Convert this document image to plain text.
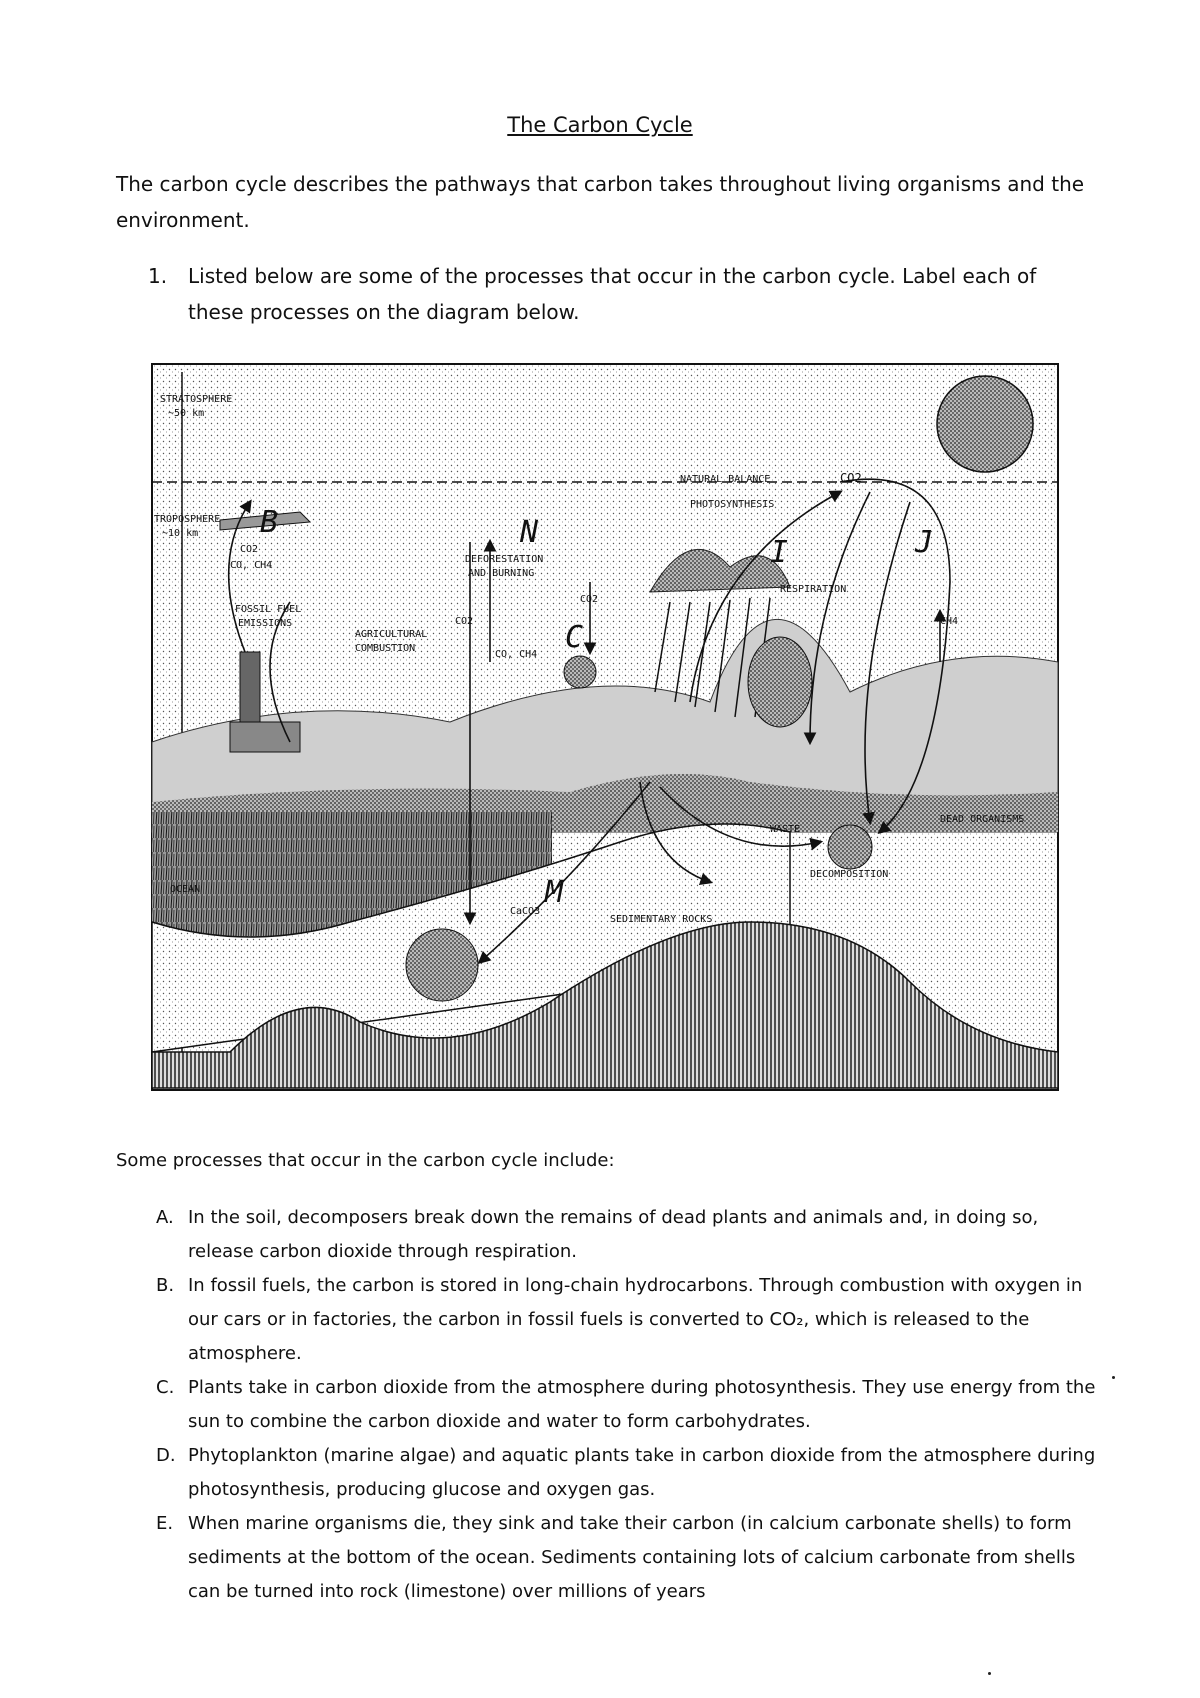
The Carbon Cycle
The carbon cycle describes the pathways that carbon takes throughout living organisms and the environment.
1. Listed below are some of the processes that occur in the carbon cycle. Label each of these processes on the diagram below.
STRATOSPHERE
~50 km
TROPOSPHERE
~10 km
NATURAL BALANCE
PHOTOSYNTHESIS
CO2
CO2
CO, CH4
FOSSIL FUEL
EMISSIONS
AGRICULTURAL
COMBUSTION
CO2
CO, CH4
DEFORESTATION
AND BURNING
CO2
RESPIRATION
CH4
DEAD ORGANISMS
WASTE
DECOMPOSITION
SEDIMENTARY ROCKS
OCEAN
CaCO3
B	N
C
I	J
M
Some processes that occur in the carbon cycle include:
A. In the soil, decomposers break down the remains of dead plants and animals and, in doing so, release carbon dioxide through respiration.
B. In fossil fuels, the carbon is stored in long-chain hydrocarbons. Through combustion with oxygen in our cars or in factories, the carbon in fossil fuels is converted to CO₂, which is released to the atmosphere.
C. Plants take in carbon dioxide from the atmosphere during photosynthesis. They use energy from the sun to combine the carbon dioxide and water to form carbohydrates.
D. Phytoplankton (marine algae) and aquatic plants take in carbon dioxide from the atmosphere during photosynthesis, producing glucose and oxygen gas.
E. When marine organisms die, they sink and take their carbon (in calcium carbonate shells) to form sediments at the bottom of the ocean. Sediments containing lots of calcium carbonate from shells can be turned into rock (limestone) over millions of years
